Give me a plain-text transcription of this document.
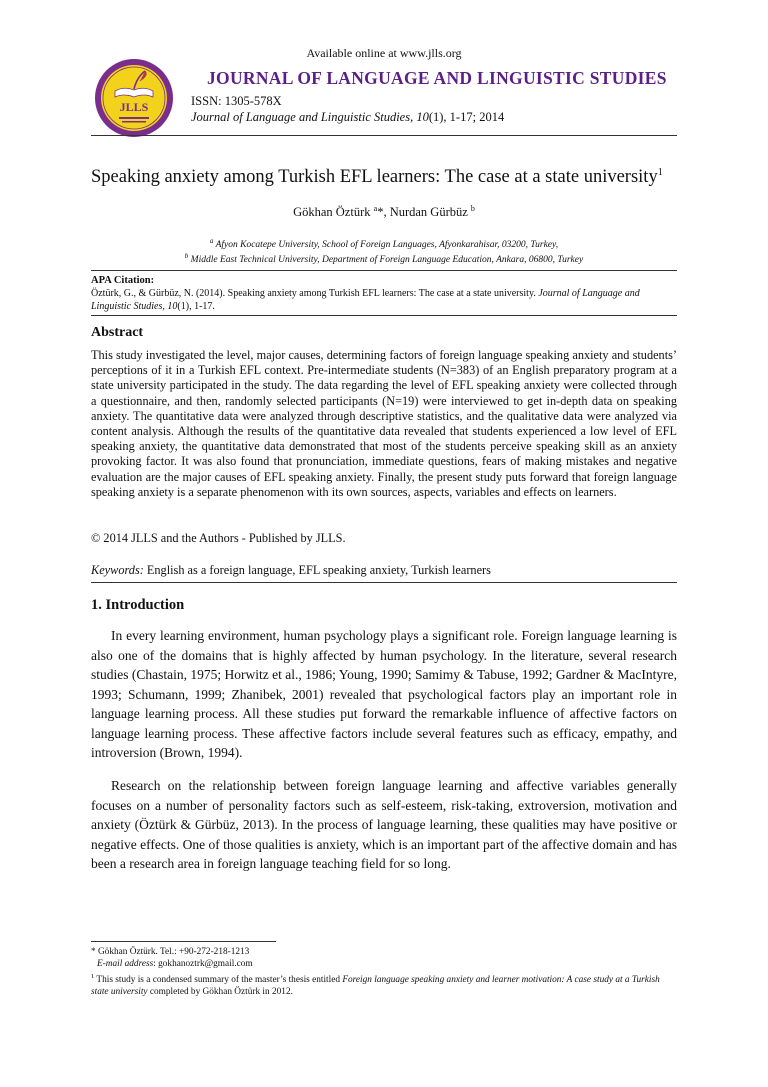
Available online at www.jlls.org
JLLS
JOURNAL OF LANGUAGE AND LINGUISTIC STUDIES
ISSN: 1305-578X
Journal of Language and Linguistic Studies, 10(1), 1-17; 2014
Speaking anxiety among Turkish EFL learners: The case at a state university$^1$
Gökhan Öztürk $^a$*, Nurdan Gürbüz $^b$
$^a$ Afyon Kocatepe University, School of Foreign Languages, Afyonkarahisar, 03200, Turkey,
$^b$ Middle East Technical University, Department of Foreign Language Education, Ankara, 06800, Turkey
APA Citation:
Öztürk, G., & Gürbüz, N. (2014). Speaking anxiety among Turkish EFL learners: The case at a state university. Journal of Language and Linguistic Studies, 10(1), 1-17.
Abstract
This study investigated the level, major causes, determining factors of foreign language speaking anxiety and students’ perceptions of it in a Turkish EFL context. Pre-intermediate students (N=383) of an English preparatory program at a state university participated in the study. The data regarding the level of EFL speaking anxiety were collected through a questionnaire, and then, randomly selected participants (N=19) were interviewed to get in-depth data on speaking anxiety. The quantitative data were analyzed through descriptive statistics, and the qualitative data were analyzed via content analysis. Although the results of the quantitative data revealed that students experienced a low level of EFL speaking anxiety, the quantitative data demonstrated that most of the students perceive speaking skill as an anxiety provoking factor. It was also found that pronunciation, immediate questions, fears of making mistakes and negative evaluation are the major causes of EFL speaking anxiety. Finally, the present study puts forward that foreign language speaking anxiety is a separate phenomenon with its own sources, aspects, variables and effects on learners.
© 2014 JLLS and the Authors - Published by JLLS.
Keywords: English as a foreign language, EFL speaking anxiety, Turkish learners
1. Introduction
In every learning environment, human psychology plays a significant role. Foreign language learning is also one of the domains that is highly affected by human psychology. In the literature, several research studies (Chastain, 1975; Horwitz et al., 1986; Young, 1990; Samimy & Tabuse, 1992; Gardner & MacIntyre, 1993; Schumann, 1999; Zhanibek, 2001) revealed that psychological factors play an important role in language learning process. All these studies put forward the remarkable influence of affective factors on language learning process. These affective factors include several features such as efficacy, empathy, and introversion (Brown, 1994).
Research on the relationship between foreign language learning and affective variables generally focuses on a number of personality factors such as self-esteem, risk-taking, extroversion, motivation and anxiety (Öztürk & Gürbüz, 2013). In the process of language learning, these qualities may have positive or negative effects. One of those qualities is anxiety, which is an important part of the affective domain and has been a research area in foreign language teaching field for so long.
* Gökhan Öztürk. Tel.: +90-272-218-1213
E-mail address: gokhanoztrk@gmail.com
$^1$ This study is a condensed summary of the master’s thesis entitled Foreign language speaking anxiety and learner motivation: A case study at a Turkish state university completed by Gökhan Öztürk in 2012.
